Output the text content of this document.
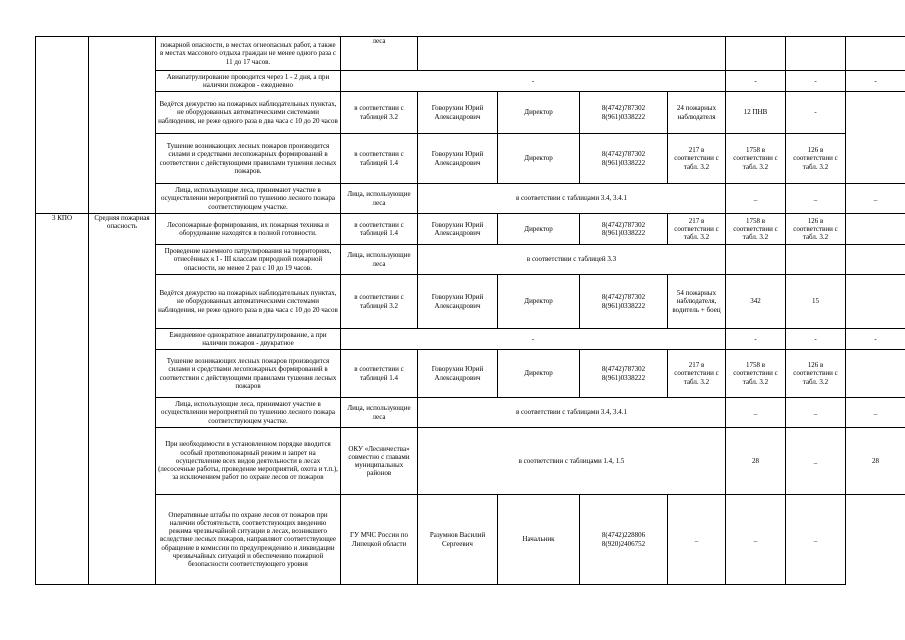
		пожарной опасности, в местах огнеопасных работ, а также в местах массового отдыха граждан не менее одного раза с 11 до 17 часов.	леса							
		Авиапатрулирование проводится через 1 - 2 дня, а при наличии пожаров - ежедневно	-					-	-	-
		Ведётся дежурство на пожарных наблюдательных пунктах, не оборудованных автоматическими системами наблюдения, не реже одного раза в два часа с 10 до 20 часов	в соответствии с таблицей 3.2	Говорухин Юрий Александрович	Директор	8(4742)787302 8(961)0338222	24 пожарных наблюдателя	12 ПНВ	-	
		Тушение возникающих лесных пожаров производится силами и средствами лесопожарных формирований в соответствии с действующими правилами тушения лесных пожаров.	в соответствии с таблицей 1.4	Говорухин Юрий Александрович	Директор	8(4742)787302 8(961)0338222	217 в соответствии с табл. 3.2	1758 в соответствии с табл. 3.2	126 в соответствии с табл. 3.2	
		Лица, использующие леса, принимают участие в осуществлении мероприятий по тушению лесного пожара соответствующем участке.	Лица, использующие леса	в соответствии с таблицами 3.4, 3.4.1				_	_	_
3 КПО	Средняя пожарная опасность	Лесопожарные формирования, их пожарная техника и оборудование находятся в полной готовности.	в соответствии с таблицей 1.4	Говорухин Юрий Александрович	Директор	8(4742)787302 8(961)0338222	217 в соответствии с табл. 3.2	1758 в соответствии с табл. 3.2	126 в соответствии с табл. 3.2	
		Проведение наземного патрулирования на территориях, отнесённых к I - III классам природной пожарной опасности, не менее 2 раз с 10 до 19 часов.	Лица, использующие леса	в соответствии с таблицей 3.3						
		Ведётся дежурство на пожарных наблюдательных пунктах, не оборудованных автоматическими системами наблюдения, не реже одного раза в два часа с 10 до 20 часов	в соответствии с таблицей 3.2	Говорухин Юрий Александрович	Директор	8(4742)787302 8(961)0338222	54 пожарных наблюдателя, водитель + боец	342	15	
		Ежедневное однократное авиапатрулирование, а при наличии пожаров - двукратное	-					-	-	-
		Тушение возникающих лесных пожаров производится силами и средствами лесопожарных формирований в соответствии с действующими правилами тушения лесных пожаров	в соответствии с таблицей 1.4	Говорухин Юрий Александрович	Директор	8(4742)787302 8(961)0338222	217 в соответствии с табл. 3.2	1758 в соответствии с табл. 3.2	126 в соответствии с табл. 3.2	
		Лица, использующие леса, принимают участие в осуществлении мероприятий по тушению лесного пожара соответствующем участке.	Лица, использующие леса	в соответствии с таблицами 3.4, 3.4.1				_	_	_
		При необходимости в установленном порядке вводится особый противопожарный режим и запрет на осуществление всех видов деятельности в лесах (лесосечные работы, проведение мероприятий, охота и т.п.), за исключением работ по охране лесов от пожаров	ОКУ «Лесничества» совместно с главами муниципальных районов	в соответствии с таблицами 1.4, 1.5				28	_	28
		Оперативные штабы по охране лесов от пожаров при наличии обстоятельств, соответствующих введению режима чрезвычайной ситуации в лесах, возникшего вследствие лесных пожаров, направляют соответствующее обращение в комиссии по предупреждению и ликвидации чрезвычайных ситуаций и обеспечению пожарной безопасности соответствующего уровня	ГУ МЧС России по Липецкой области	Разумнов Василий Сергеевич	Начальник	8(4742)228806 8(920)2406752	_	_	_	
